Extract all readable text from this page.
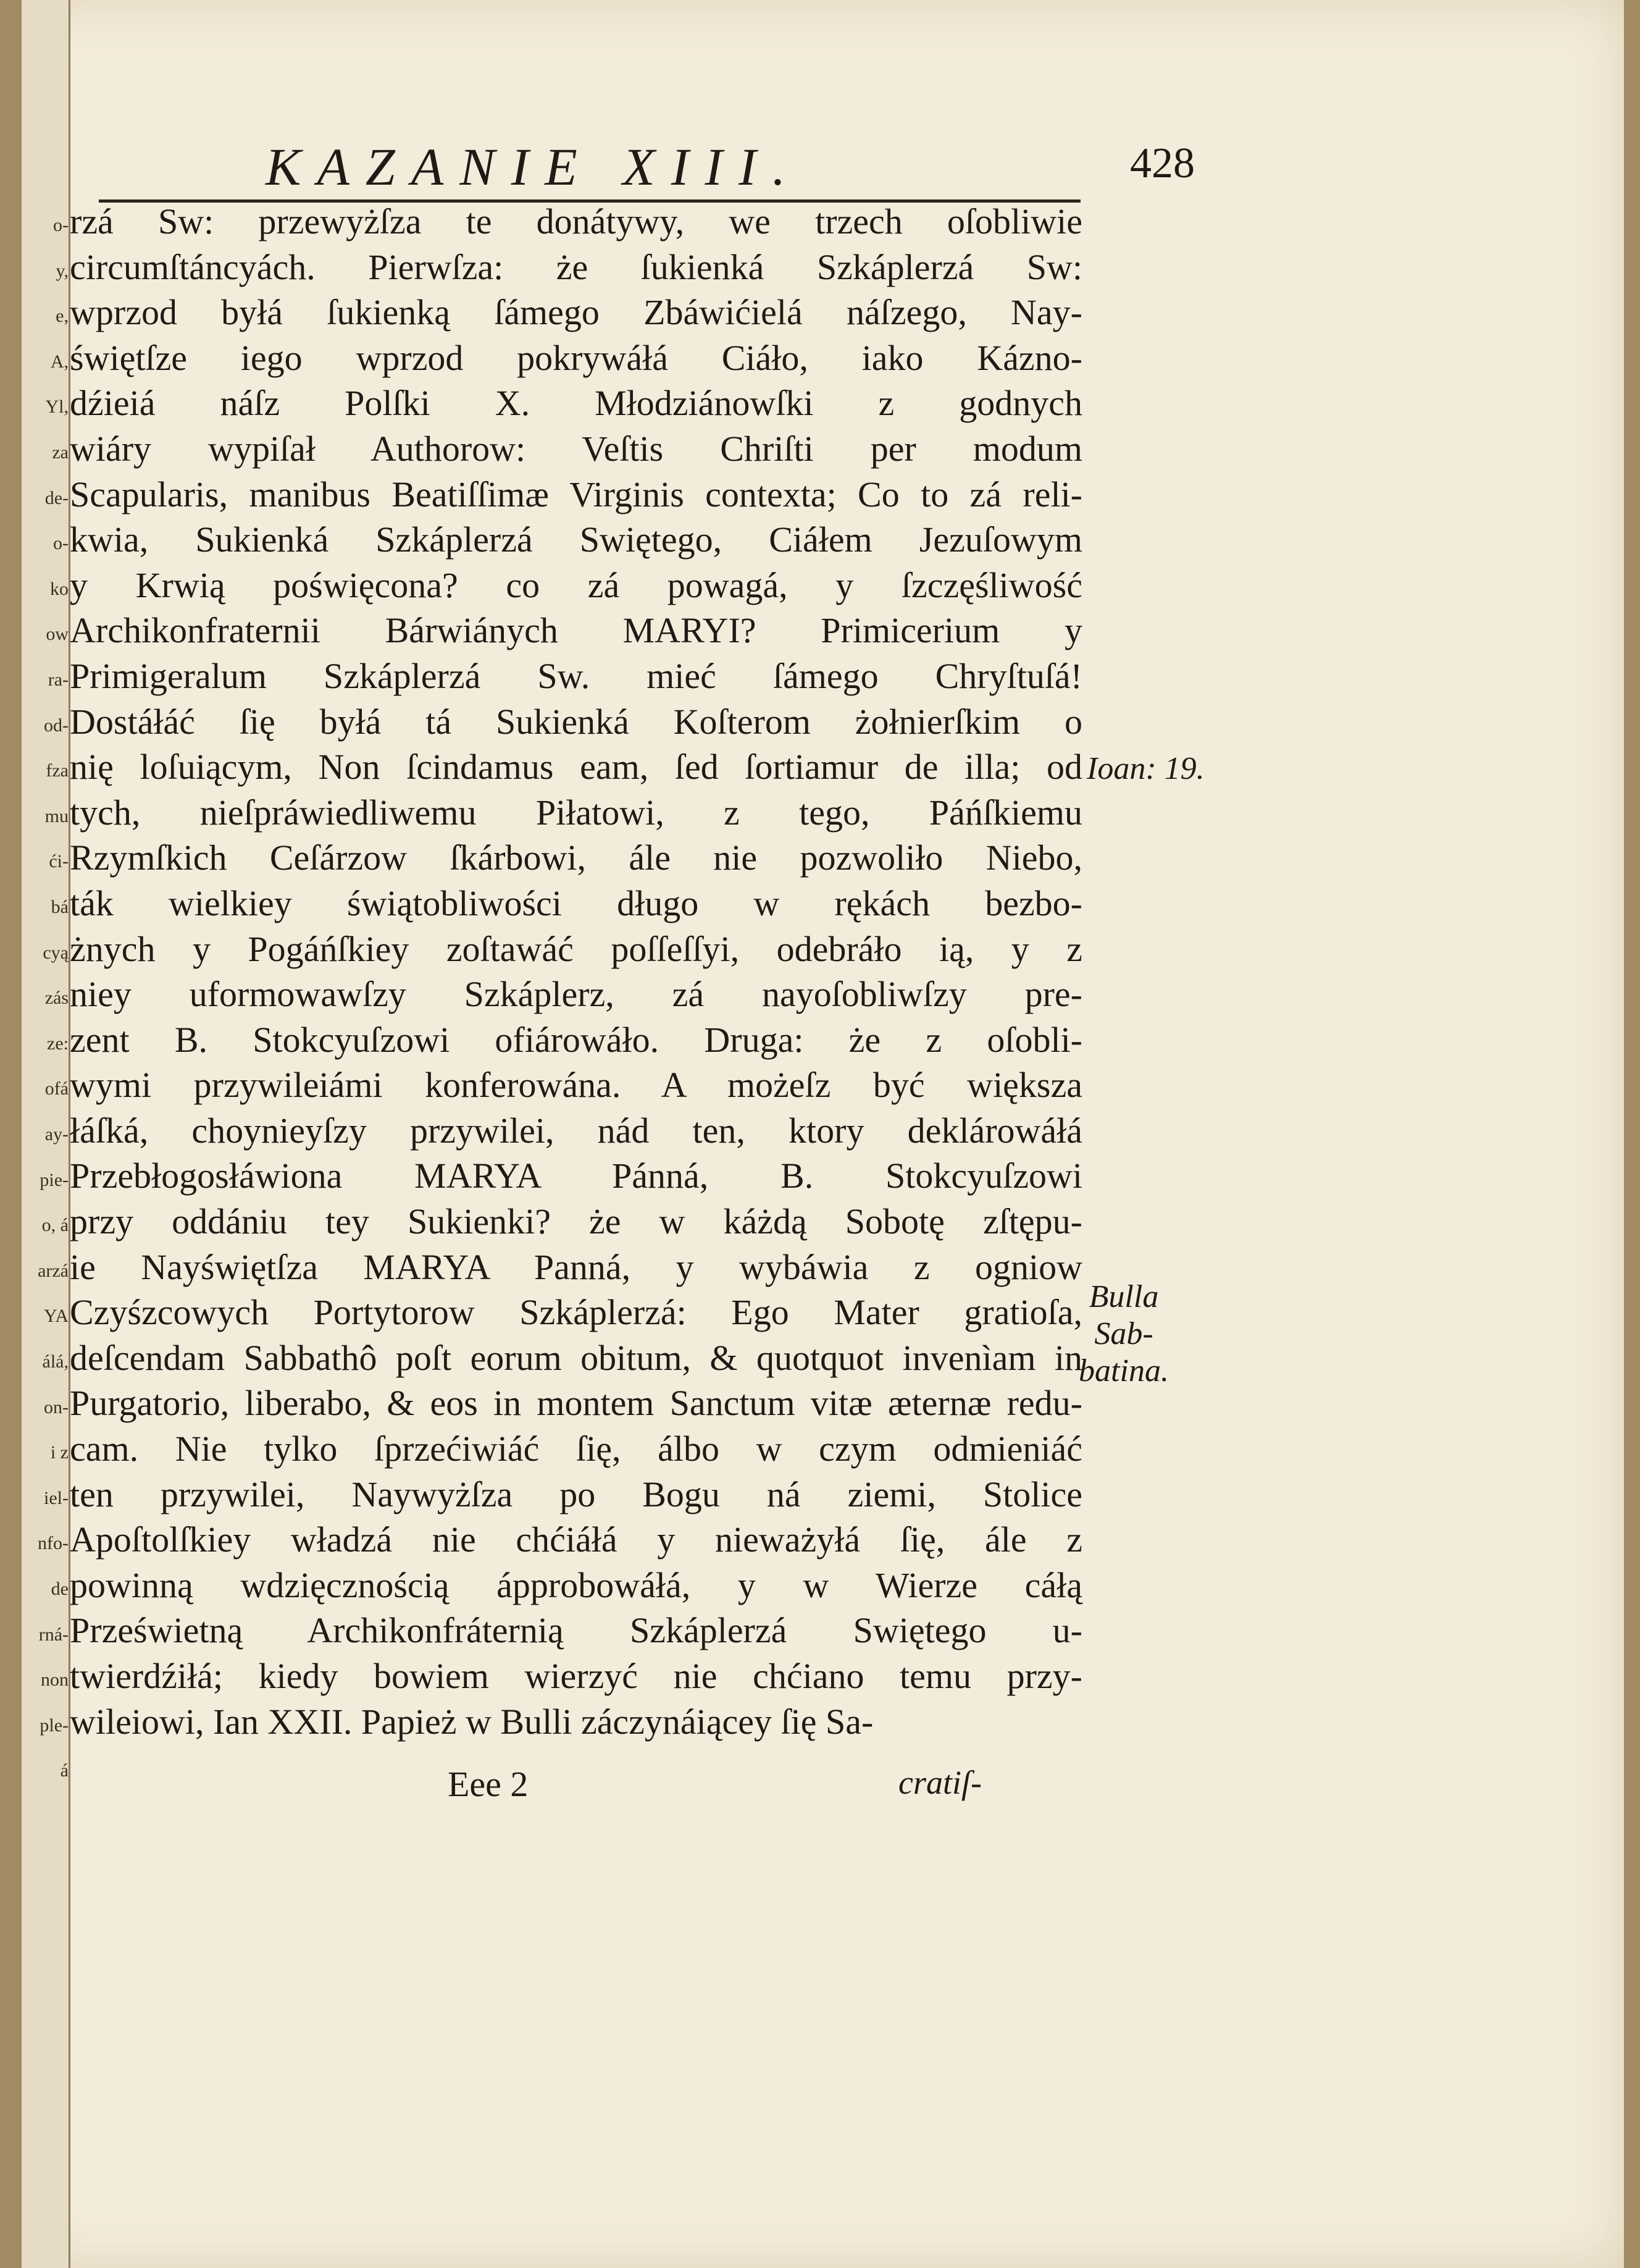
o-
y,
e,
A,
Yl,
za
de-
o-
ko
ow
ra-
od-
fza
mu
ći-
bá
cyą
zás
ze:
ofá
ay-
pie-
o, á
arzá
YA
álá,
on-
i z
iel-
nfo-
de
rná-
non
ple-
á
KAZANIE XIII.	428
rzá Sw: przewyżſza te donátywy, we trzech oſobliwie
circumſtáncyách. Pierwſza: że ſukienká Szkáplerzá Sw:
wprzod byłá ſukienką ſámego Zbáwićielá náſzego, Nay-
świętſze iego wprzod pokrywáłá Ciáło, iako Kázno-
dźieiá náſz Polſki X. Młodziánowſki z godnych
wiáry wypiſał Authorow: Veſtis Chriſti per modum
Scapularis, manibus Beatiſſimæ Virginis contexta; Co to zá reli-
kwia, Sukienká Szkáplerzá Swiętego, Ciáłem Jezuſowym
y Krwią poświęcona? co zá powagá, y ſzczęśliwość
Archikonfraternii Bárwiánych MARYI? Primicerium y
Primigeralum Szkáplerzá Sw. mieć ſámego Chryſtuſá!
Dostáłáć ſię byłá tá Sukienká Koſterom żołnierſkim o
nię loſuiącym, Non ſcindamus eam, ſed ſortiamur de illa; od
tych, nieſpráwiedliwemu Piłatowi, z tego, Páńſkiemu
Rzymſkich Ceſárzow ſkárbowi, ále nie pozwoliło Niebo,
ták wielkiey świątobliwości długo w rękách bezbo-
żnych y Pogáńſkiey zoſtawáć poſſeſſyi, odebráło ią, y z
niey uformowawſzy Szkáplerz, zá nayoſobliwſzy pre-
zent B. Stokcyuſzowi ofiárowáło. Druga: że z oſobli-
wymi przywileiámi konferowána. A możeſz być większa
łáſká, choynieyſzy przywilei, nád ten, ktory deklárowáłá
Przebłogosłáwiona MARYA Pánná, B. Stokcyuſzowi
przy oddániu tey Sukienki? że w káżdą Sobotę zſtępu-
ie Nayświętſza MARYA Panná, y wybáwia z ogniow
Czyśzcowych Portytorow Szkáplerzá: Ego Mater gratioſa,
deſcendam Sabbathô poſt eorum obitum, & quotquot invenìam in
Purgatorio, liberabo, & eos in montem Sanctum vitæ æternæ redu-
cam. Nie tylko ſprzećiwiáć ſię, álbo w czym odmieniáć
ten przywilei, Naywyżſza po Bogu ná ziemi, Stolice
Apoſtolſkiey władzá nie chćiáłá y nieważyłá ſię, ále z
powinną wdzięcznością ápprobowáłá, y w Wierze cáłą
Prześwietną Archikonfráternią Szkáplerzá Swiętego u-
twierdźiłá; kiedy bowiem wierzyć nie chćiano temu przy-
wileiowi, Ian XXII. Papież w Bulli záczynáiącey ſię Sa-
Ioan: 19.
Bulla Sab-
batina.
Eee 2	cratiſ-
